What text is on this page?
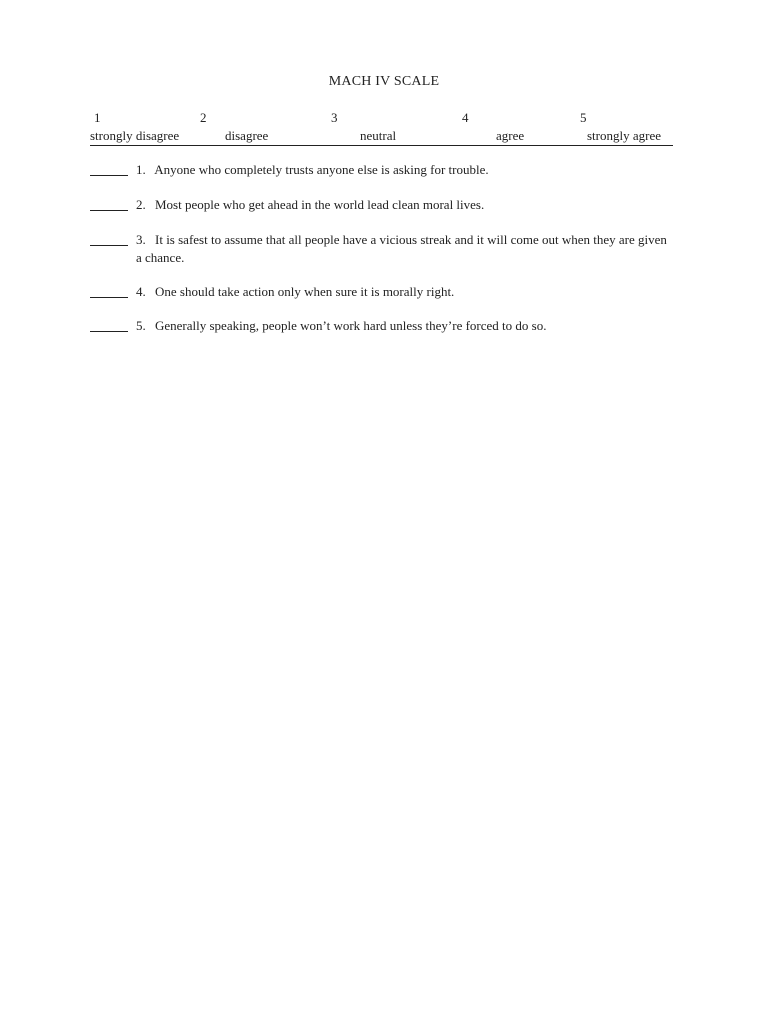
MACH IV SCALE
1	2	3	4	5
strongly disagree	disagree	neutral	agree	strongly agree
1. Anyone who completely trusts anyone else is asking for trouble.
2. Most people who get ahead in the world lead clean moral lives.
3. It is safest to assume that all people have a vicious streak and it will come out when they are given a chance.
4. One should take action only when sure it is morally right.
5. Generally speaking, people won’t work hard unless they’re forced to do so.
